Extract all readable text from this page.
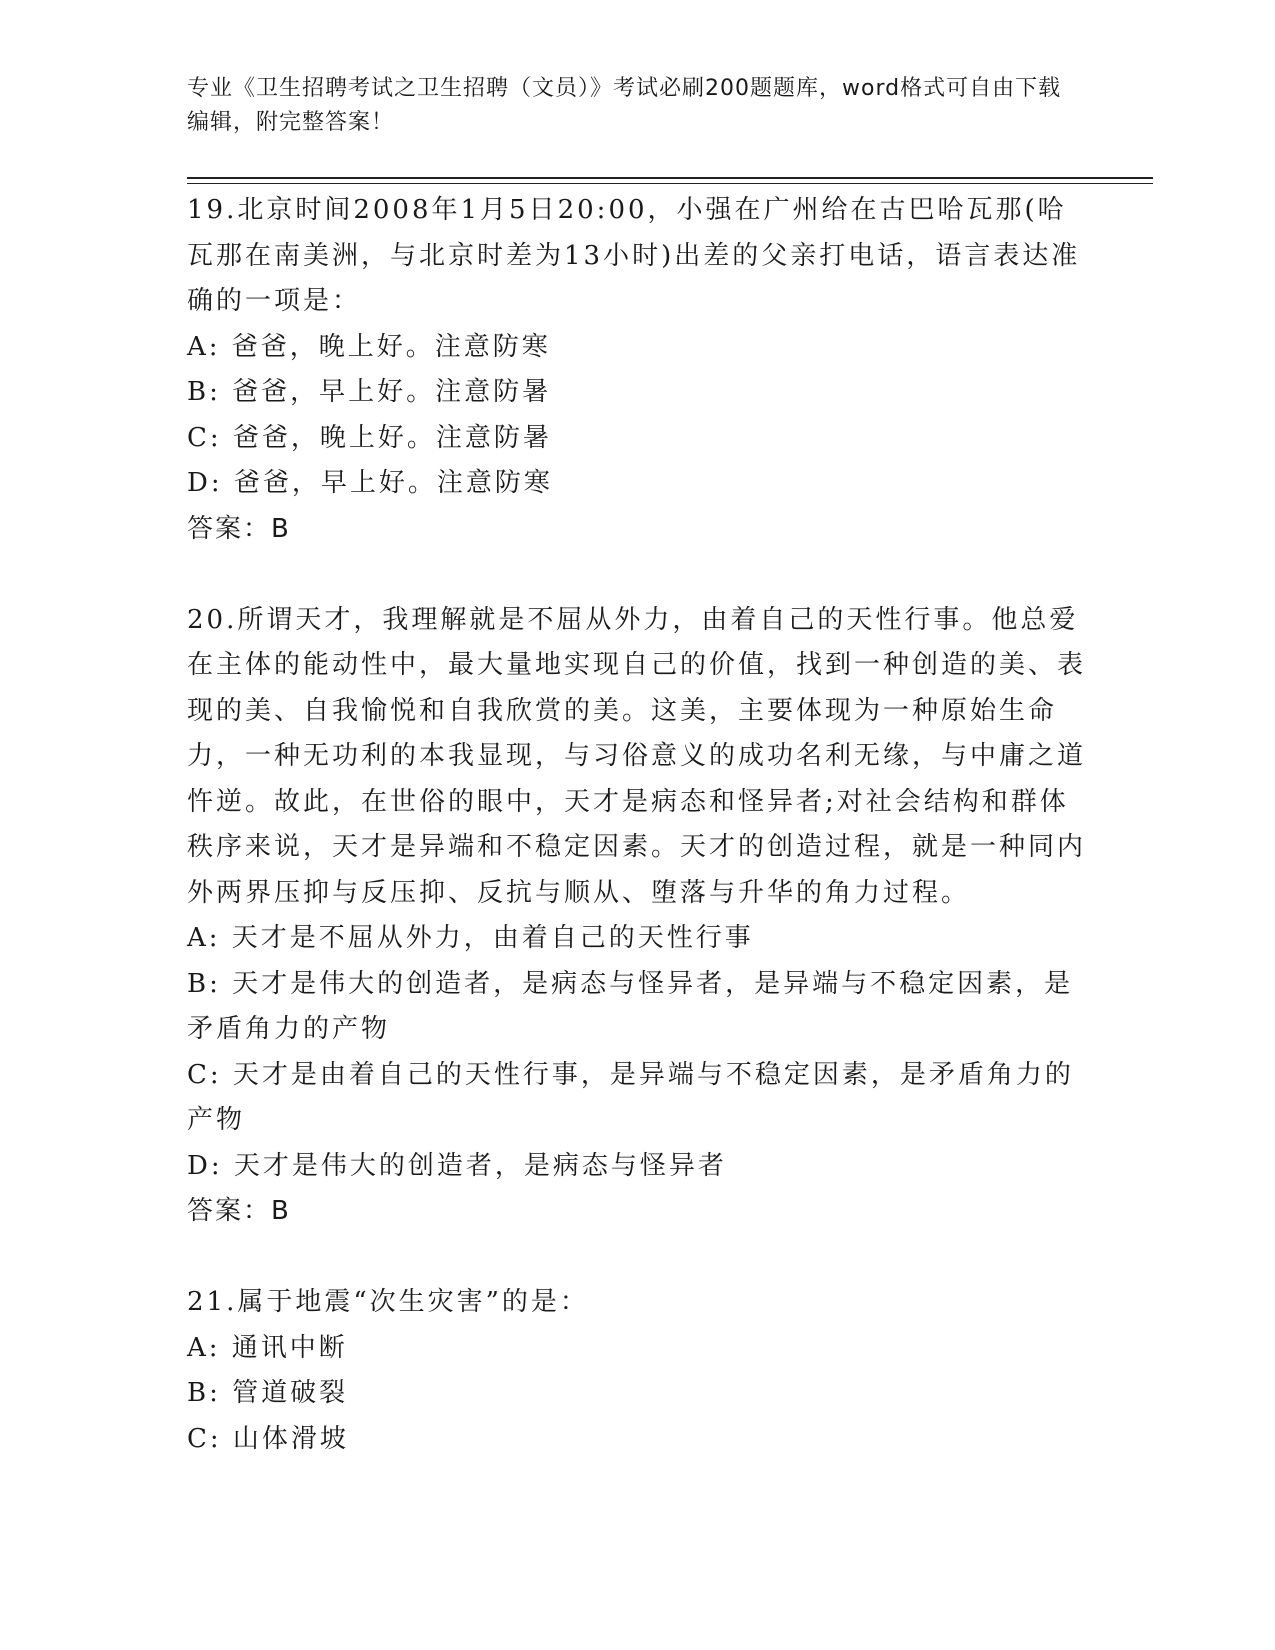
专业《卫生招聘考试之卫生招聘（文员）》考试必刷200题题库，word格式可自由下载编辑，附完整答案！

19.北京时间2008年1月5日20:00，小强在广州给在古巴哈瓦那(哈瓦那在南美洲，与北京时差为13小时)出差的父亲打电话，语言表达准确的一项是：

A: 爸爸，晚上好。注意防寒

B: 爸爸，早上好。注意防暑

C: 爸爸，晚上好。注意防暑

D: 爸爸，早上好。注意防寒

答案：B

20.所谓天才，我理解就是不屈从外力，由着自己的天性行事。他总爱在主体的能动性中，最大量地实现自己的价值，找到一种创造的美、表现的美、自我愉悦和自我欣赏的美。这美，主要体现为一种原始生命力，一种无功利的本我显现，与习俗意义的成功名利无缘，与中庸之道忤逆。故此，在世俗的眼中，天才是病态和怪异者;对社会结构和群体秩序来说，天才是异端和不稳定因素。天才的创造过程，就是一种同内外两界压抑与反压抑、反抗与顺从、堕落与升华的角力过程。

A: 天才是不屈从外力，由着自己的天性行事

B: 天才是伟大的创造者，是病态与怪异者，是异端与不稳定因素，是矛盾角力的产物

C: 天才是由着自己的天性行事，是异端与不稳定因素，是矛盾角力的产物

D: 天才是伟大的创造者，是病态与怪异者

答案：B

21.属于地震“次生灾害”的是：

A: 通讯中断

B: 管道破裂

C: 山体滑坡
